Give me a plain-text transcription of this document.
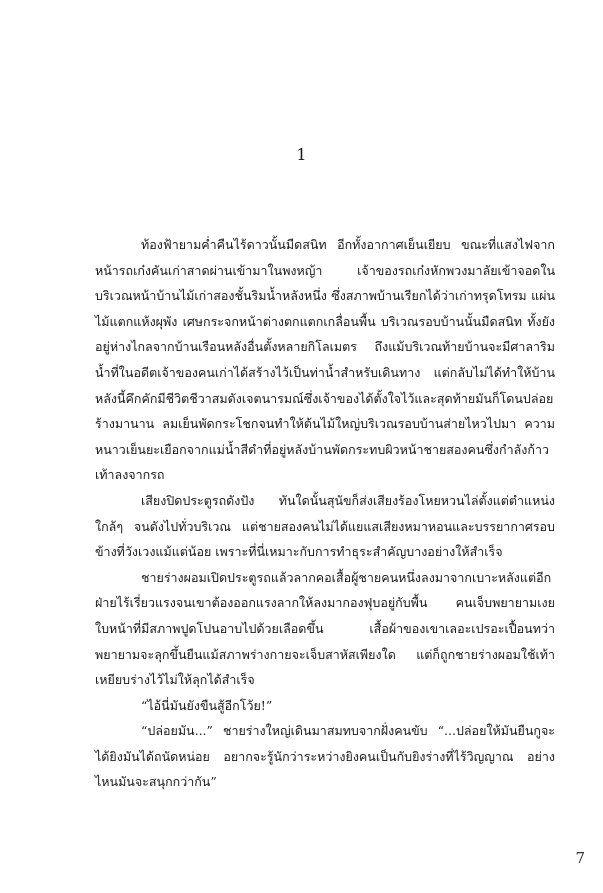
1

ท้องฟ้ายามค่ำคืนไร้ดาวนั้นมืดสนิท อีกทั้งอากาศเย็นเยียบ ขณะที่แสงไฟจากหน้ารถเก๋งคันเก่าสาดผ่านเข้ามาในพงหญ้า เจ้าของรถเก๋งหักพวงมาลัยเข้าจอดในบริเวณหน้าบ้านไม้เก่าสองชั้นริมน้ำหลังหนึ่ง ซึ่งสภาพบ้านเรียกได้ว่าเก่าทรุดโทรม แผ่นไม้แตกแห้งผุพัง เศษกระจกหน้าต่างตกแตกเกลื่อนพื้น บริเวณรอบบ้านนั้นมืดสนิท ทั้งยังอยู่ห่างไกลจากบ้านเรือนหลังอื่นตั้งหลายกิโลเมตร ถึงแม้บริเวณท้ายบ้านจะมีศาลาริมน้ำที่ในอดีตเจ้าของคนเก่าได้สร้างไว้เป็นท่าน้ำสำหรับเดินทาง แต่กลับไม่ได้ทำให้บ้านหลังนี้คึกคักมีชีวิตชีวาสมดังเจตนารมณ์ซึ่งเจ้าของได้ตั้งใจไว้และสุดท้ายมันก็โดนปล่อยร้างมานาน ลมเย็นพัดกระโชกจนทำให้ต้นไม้ใหญ่บริเวณรอบบ้านส่ายไหวไปมา ความหนาวเย็นยะเยือกจากแม่น้ำสีดำที่อยู่หลังบ้านพัดกระทบผิวหน้าชายสองคนซึ่งกำลังก้าวเท้าลงจากรถ

เสียงปิดประตูรถดังปัง ทันใดนั้นสุนัขก็ส่งเสียงร้องโหยหวนไล่ตั้งแต่ตำแหน่งใกล้ๆ จนดังไปทั่วบริเวณ แต่ชายสองคนไม่ได้แยแสเสียงหมาหอนและบรรยากาศรอบข้างที่วังเวงแม้แต่น้อย เพราะที่นี่เหมาะกับการทำธุระสำคัญบางอย่างให้สำเร็จ

ชายร่างผอมเปิดประตูรถแล้วลากคอเสื้อผู้ชายคนหนึ่งลงมาจากเบาะหลังแต่อีกฝ่ายไร้เรี่ยวแรงจนเขาต้องออกแรงลากให้ลงมากองฟุบอยู่กับพื้น คนเจ็บพยายามเงยใบหน้าที่มีสภาพปูดโปนอาบไปด้วยเลือดขึ้น เสื้อผ้าของเขาเลอะเปรอะเปื้อนทว่าพยายามจะลุกขึ้นยืนแม้สภาพร่างกายจะเจ็บสาหัสเพียงใด แต่ก็ถูกชายร่างผอมใช้เท้าเหยียบร่างไว้ไม่ให้ลุกได้สำเร็จ

“ไอ้นี่มันยังขืนสู้อีกโว้ย!”

“ปล่อยมัน...” ชายร่างใหญ่เดินมาสมทบจากฝั่งคนขับ “...ปล่อยให้มันยืนกูจะได้ยิงมันได้ถนัดหน่อย อยากจะรู้นักว่าระหว่างยิงคนเป็นกับยิงร่างที่ไร้วิญญาณ อย่างไหนมันจะสนุกกว่ากัน”

7
